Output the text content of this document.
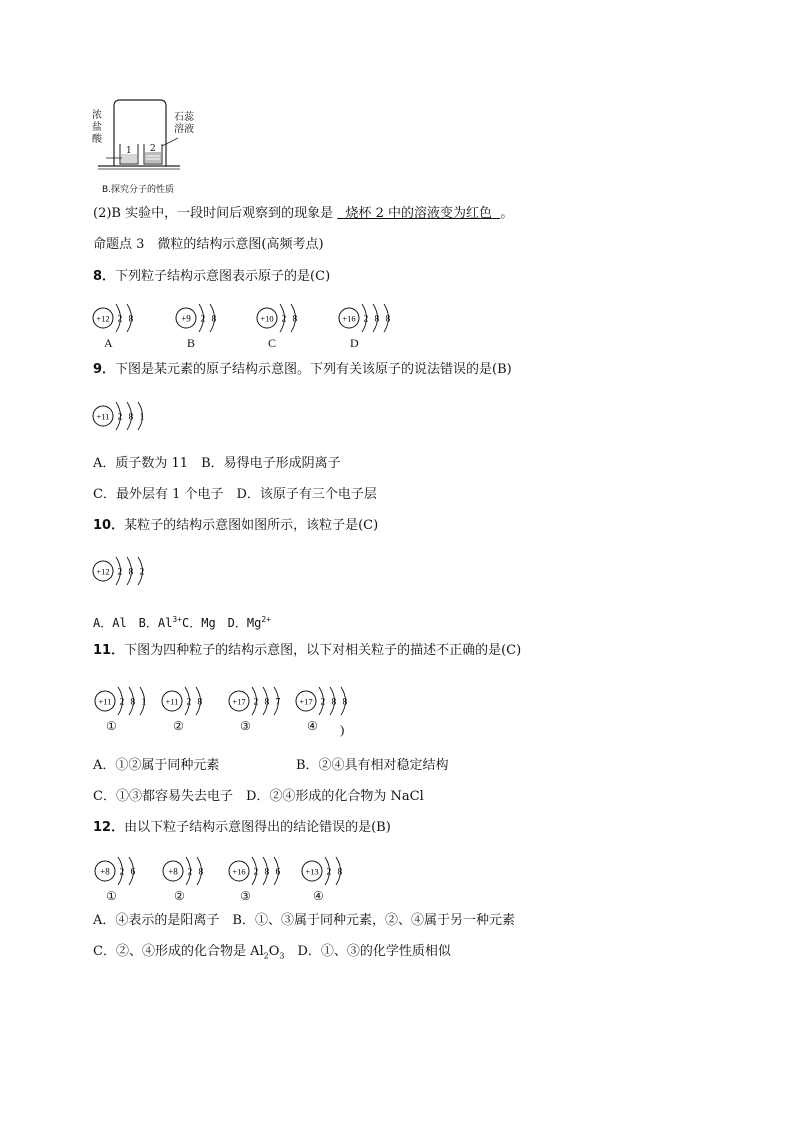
浓
盐
酸
石蕊
溶液
1 2
B.探究分子的性质
(2)B 实验中，一段时间后观察到的现象是 烧杯 2 中的溶液变为红色 。
命题点 3　微粒的结构示意图(高频考点)
8．下列粒子结构示意图表示原子的是(C)
+12 2 8
A
+9 2 8
B
+10 2 8
C
+16 2 8 8
D
9．下图是某元素的原子结构示意图。下列有关该原子的说法错误的是(B)
+11 2 8 1
A．质子数为 11　B．易得电子形成阴离子
C．最外层有 1 个电子　D．该原子有三个电子层
10．某粒子的结构示意图如图所示，该粒子是(C)
+12 2 8 2
A．Al　B．$Al^{3+}C$．Mg　D．$Mg^{2+}$
11．下图为四种粒子的结构示意图，以下对相关粒子的描述不正确的是(C)
+11 2 8 1
①
+11 2 8
②
+17 2 8 7
③
+17 2 8 8
④ )
A．①②属于同种元素	B．②④具有相对稳定结构
C．①③都容易失去电子　D．②④形成的化合物为 NaCl
12．由以下粒子结构示意图得出的结论错误的是(B)
+8 2 6
①
+8 2 8
②
+16 2 8 6
③
+13 2 8
④
A．④表示的是阳离子　B．①、③属于同种元素，②、④属于另一种元素
C．②、④形成的化合物是 $Al_2O_3$　D．①、③的化学性质相似
